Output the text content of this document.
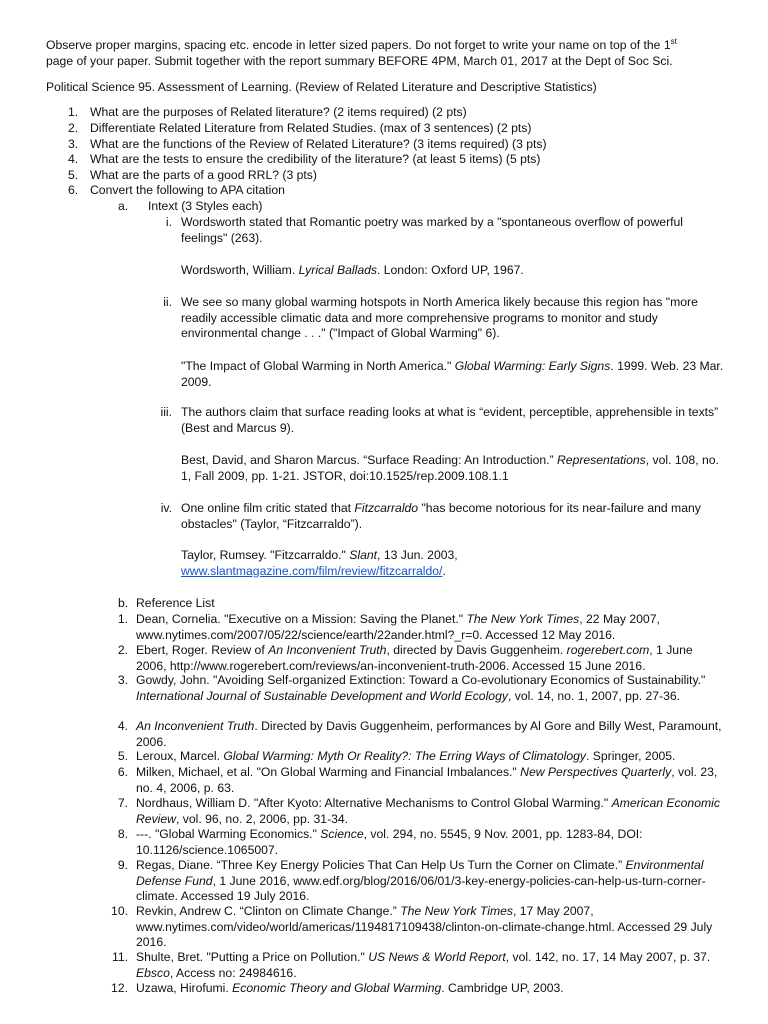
Observe proper margins, spacing etc. encode in letter sized papers. Do not forget to write your name on top of the 1st

page of your paper. Submit together with the report summary BEFORE 4PM, March 01, 2017 at the Dept of Soc Sci.

Political Science 95. Assessment of Learning. (Review of Related Literature and Descriptive Statistics)

1. What are the purposes of Related literature? (2 items required) (2 pts)
2. Differentiate Related Literature from Related Studies. (max of 3 sentences) (2 pts)
3. What are the functions of the Review of Related Literature? (3 items required) (3 pts)
4. What are the tests to ensure the credibility of the literature? (at least 5 items) (5 pts)
5. What are the parts of a good RRL? (3 pts)
6. Convert the following to APA citation
a. Intext (3 Styles each)
i. Wordsworth stated that Romantic poetry was marked by a "spontaneous overflow of powerful feelings" (263).

Wordsworth, William. Lyrical Ballads. London: Oxford UP, 1967.

ii. We see so many global warming hotspots in North America likely because this region has "more readily accessible climatic data and more comprehensive programs to monitor and study environmental change . . ." ("Impact of Global Warming" 6).

"The Impact of Global Warming in North America." Global Warming: Early Signs. 1999. Web. 23 Mar. 2009.

iii. The authors claim that surface reading looks at what is “evident, perceptible, apprehensible in texts” (Best and Marcus 9).

Best, David, and Sharon Marcus. “Surface Reading: An Introduction.” Representations, vol. 108, no. 1, Fall 2009, pp. 1-21. JSTOR, doi:10.1525/rep.2009.108.1.1

iv. One online film critic stated that Fitzcarraldo "has become notorious for its near-failure and many obstacles" (Taylor, “Fitzcarraldo”).

Taylor, Rumsey. "Fitzcarraldo." Slant, 13 Jun. 2003,
www.slantmagazine.com/film/review/fitzcarraldo/.

b. Reference List
1. Dean, Cornelia. "Executive on a Mission: Saving the Planet." The New York Times, 22 May 2007, www.nytimes.com/2007/05/22/science/earth/22ander.html?_r=0. Accessed 12 May 2016.

2. Ebert, Roger. Review of An Inconvenient Truth, directed by Davis Guggenheim. rogerebert.com, 1 June 2006, http://www.rogerebert.com/reviews/an-inconvenient-truth-2006. Accessed 15 June 2016.

3. Gowdy, John. "Avoiding Self-organized Extinction: Toward a Co-evolutionary Economics of Sustainability." International Journal of Sustainable Development and World Ecology, vol. 14, no. 1, 2007, pp. 27-36.

4. An Inconvenient Truth. Directed by Davis Guggenheim, performances by Al Gore and Billy West, Paramount, 2006.

5. Leroux, Marcel. Global Warming: Myth Or Reality?: The Erring Ways of Climatology. Springer, 2005.

6. Milken, Michael, et al. "On Global Warming and Financial Imbalances." New Perspectives Quarterly, vol. 23, no. 4, 2006, p. 63.

7. Nordhaus, William D. "After Kyoto: Alternative Mechanisms to Control Global Warming." American Economic Review, vol. 96, no. 2, 2006, pp. 31-34.

8. ---. "Global Warming Economics." Science, vol. 294, no. 5545, 9 Nov. 2001, pp. 1283-84, DOI: 10.1126/science.1065007.

9. Regas, Diane. “Three Key Energy Policies That Can Help Us Turn the Corner on Climate.” Environmental Defense Fund, 1 June 2016, www.edf.org/blog/2016/06/01/3-key-energy-policies-can-help-us-turn-corner-climate. Accessed 19 July 2016.

10. Revkin, Andrew C. “Clinton on Climate Change.” The New York Times, 17 May 2007, www.nytimes.com/video/world/americas/1194817109438/clinton-on-climate-change.html. Accessed 29 July 2016.

11. Shulte, Bret. "Putting a Price on Pollution." US News & World Report, vol. 142, no. 17, 14 May 2007, p. 37. Ebsco, Access no: 24984616.

12. Uzawa, Hirofumi. Economic Theory and Global Warming. Cambridge UP, 2003.
